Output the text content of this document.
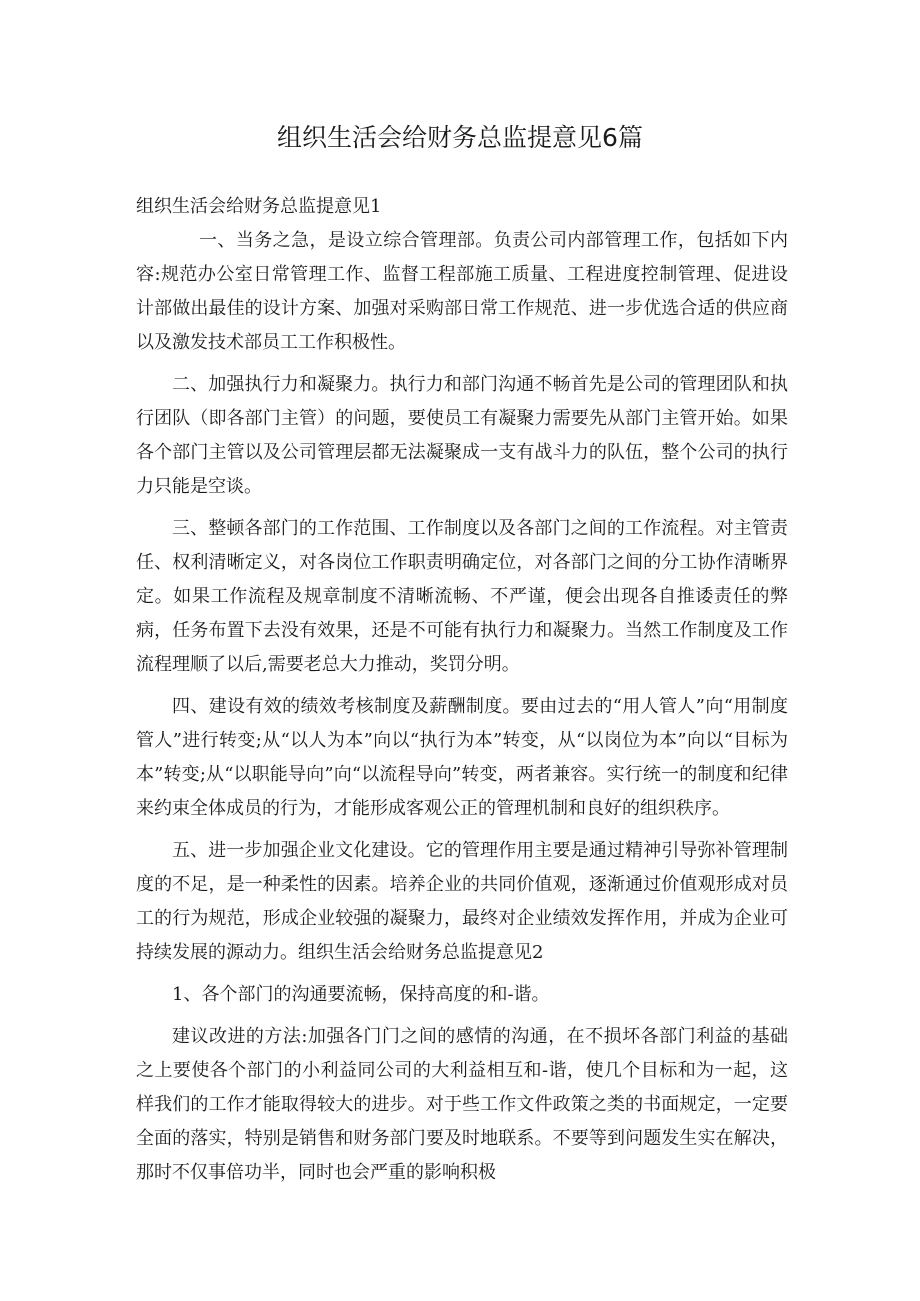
组织生活会给财务总监提意见6篇

组织生活会给财务总监提意见1

一、当务之急，是设立综合管理部。负责公司内部管理工作，包括如下内容:规范办公室日常管理工作、监督工程部施工质量、工程进度控制管理、促进设计部做出最佳的设计方案、加强对采购部日常工作规范、进一步优选合适的供应商以及激发技术部员工工作积极性。

二、加强执行力和凝聚力。执行力和部门沟通不畅首先是公司的管理团队和执行团队（即各部门主管）的问题，要使员工有凝聚力需要先从部门主管开始。如果各个部门主管以及公司管理层都无法凝聚成一支有战斗力的队伍，整个公司的执行力只能是空谈。

三、整顿各部门的工作范围、工作制度以及各部门之间的工作流程。对主管责任、权利清晰定义，对各岗位工作职责明确定位，对各部门之间的分工协作清晰界定。如果工作流程及规章制度不清晰流畅、不严谨，便会出现各自推诿责任的弊病，任务布置下去没有效果，还是不可能有执行力和凝聚力。当然工作制度及工作流程理顺了以后,需要老总大力推动，奖罚分明。

四、建设有效的绩效考核制度及薪酬制度。要由过去的“用人管人”向“用制度管人”进行转变;从“以人为本”向以“执行为本”转变，从“以岗位为本”向以“目标为本”转变;从“以职能导向”向“以流程导向”转变，两者兼容。实行统一的制度和纪律来约束全体成员的行为，才能形成客观公正的管理机制和良好的组织秩序。

五、进一步加强企业文化建设。它的管理作用主要是通过精神引导弥补管理制度的不足，是一种柔性的因素。培养企业的共同价值观，逐渐通过价值观形成对员工的行为规范，形成企业较强的凝聚力，最终对企业绩效发挥作用，并成为企业可持续发展的源动力。组织生活会给财务总监提意见2

1、各个部门的沟通要流畅，保持高度的和-谐。

建议改进的方法:加强各门门之间的感情的沟通，在不损坏各部门利益的基础之上要使各个部门的小利益同公司的大利益相互和-谐，使几个目标和为一起，这样我们的工作才能取得较大的进步。对于些工作文件政策之类的书面规定，一定要全面的落实，特别是销售和财务部门要及时地联系。不要等到问题发生实在解决，那时不仅事倍功半，同时也会严重的影响积极
